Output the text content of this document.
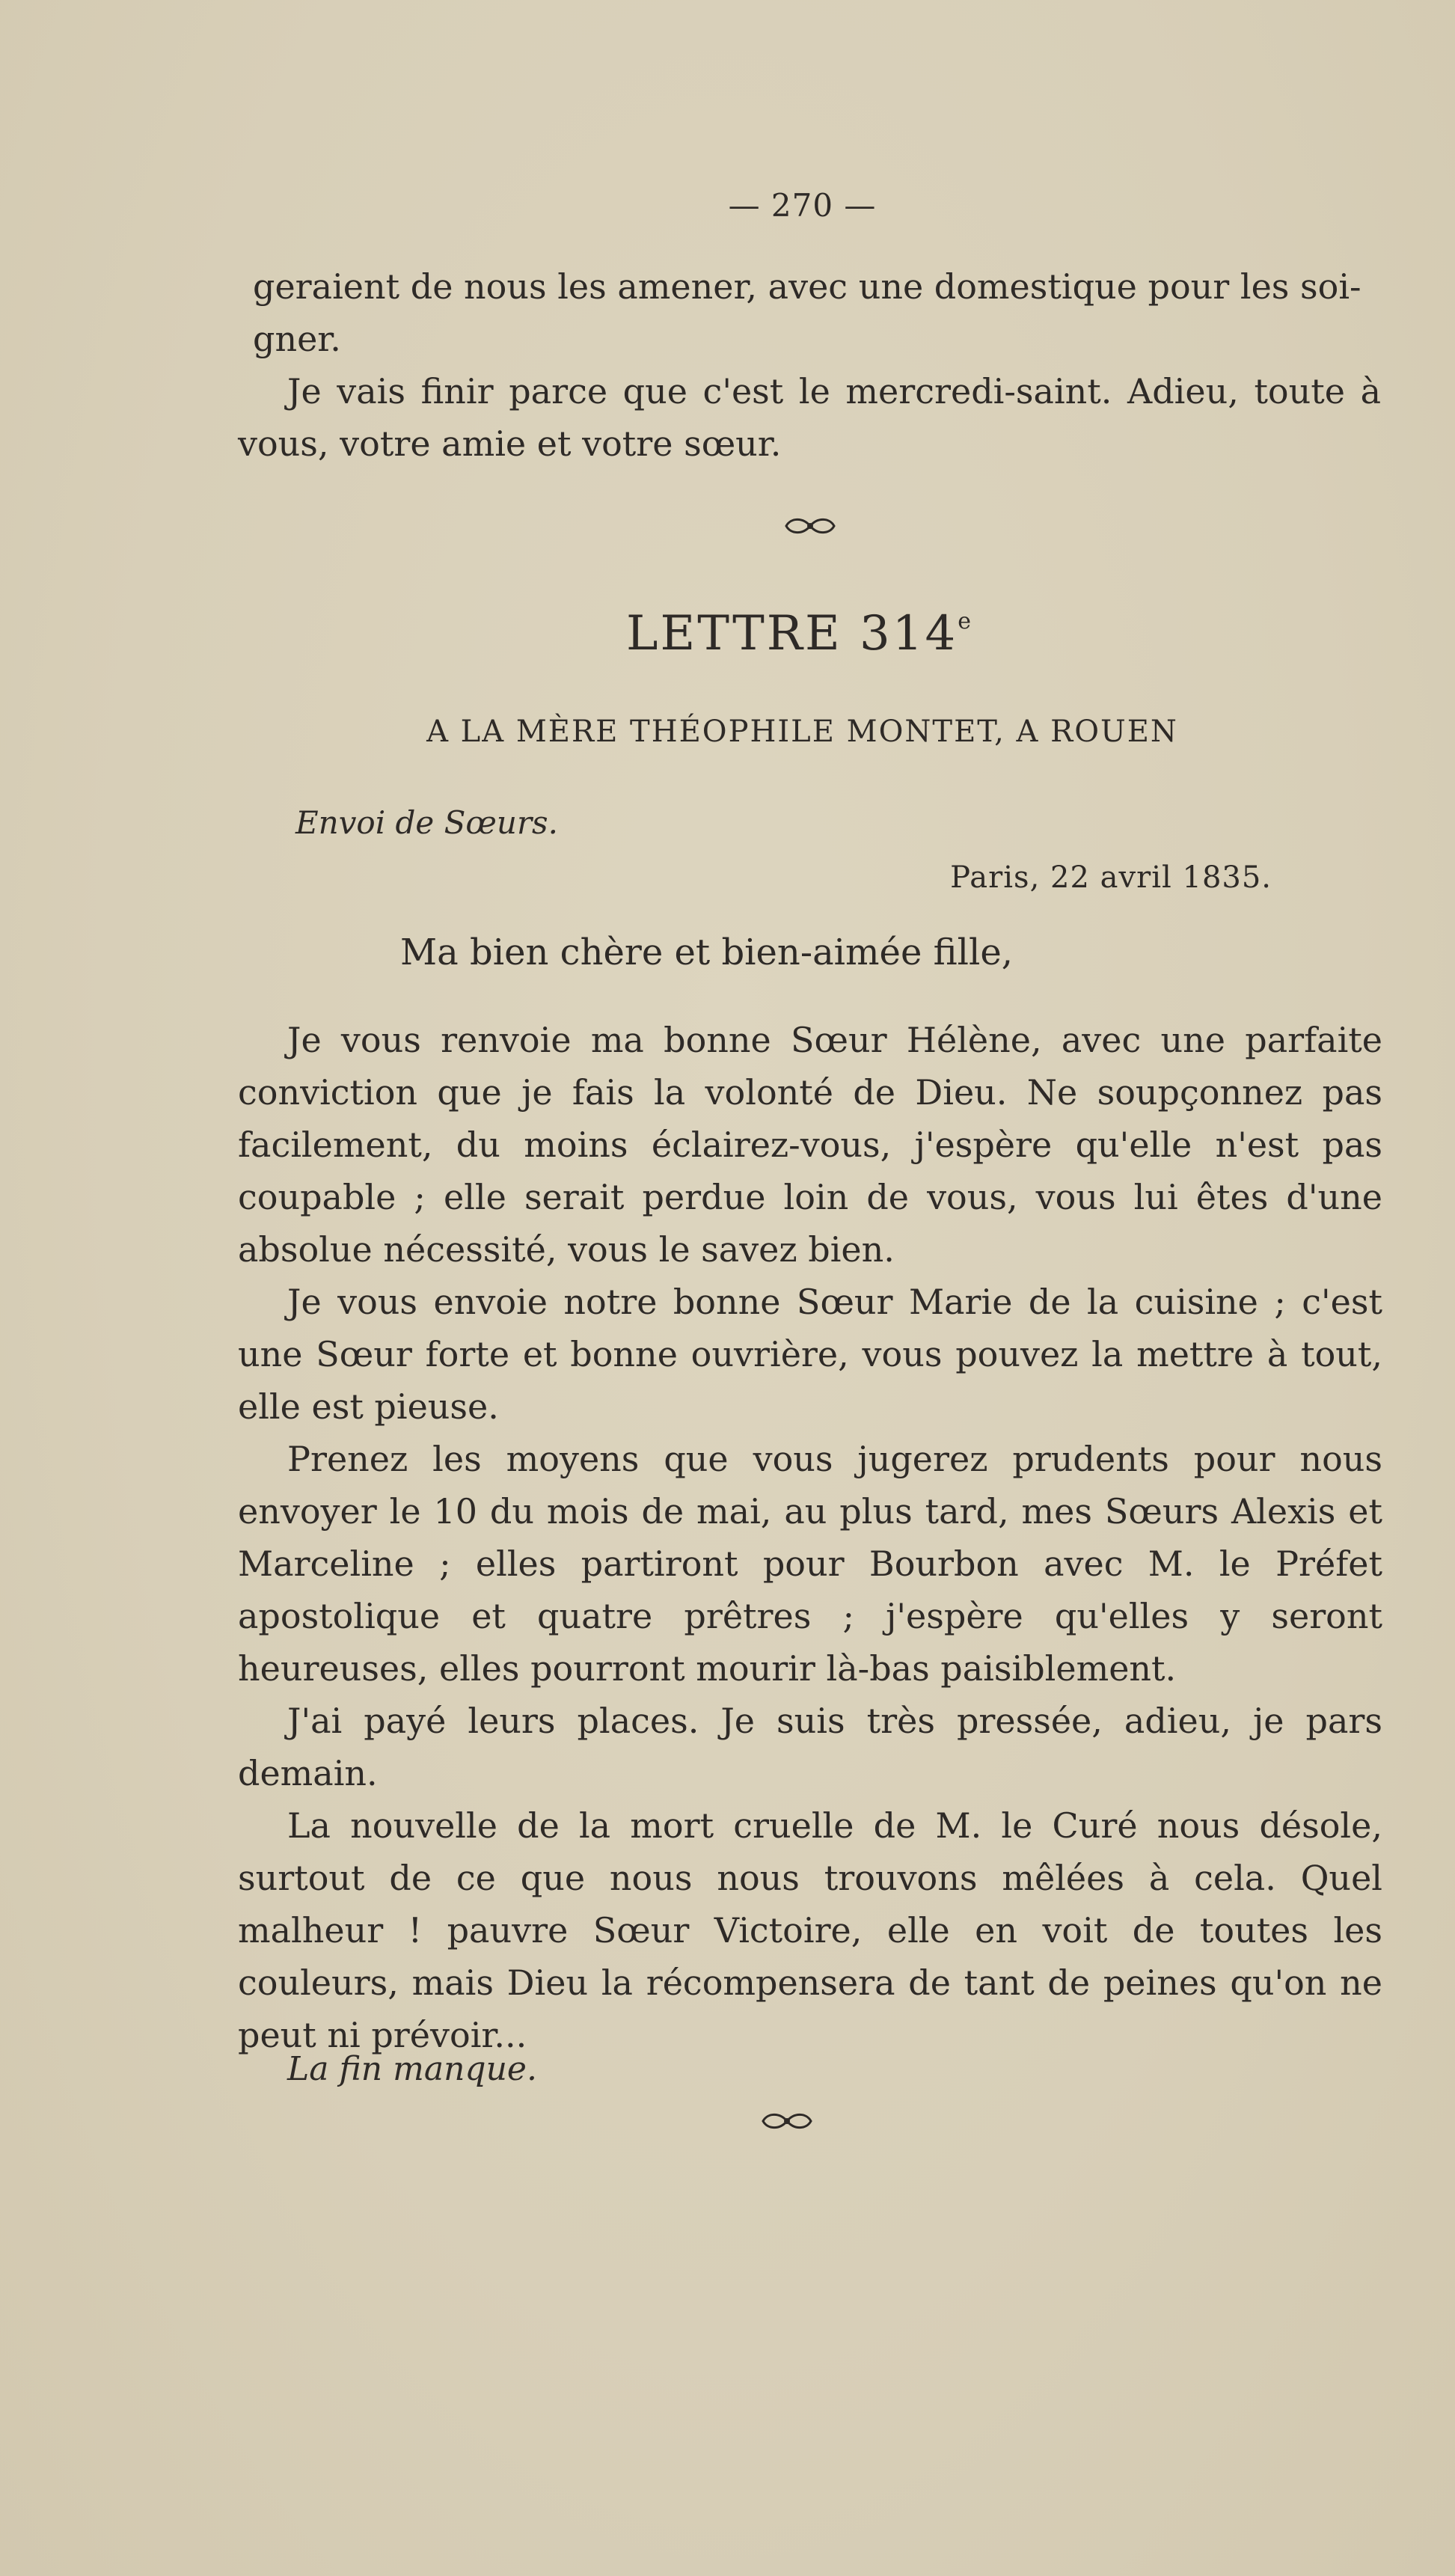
— 270 —

geraient de nous les amener, avec une domestique pour les soi-

gner.

Je vais finir parce que c'est le mercredi-saint. Adieu, toute à vous, votre amie et votre sœur.

LETTRE 314e
A LA MÈRE THÉOPHILE MONTET, A ROUEN
Envoi de Sœurs.
Paris, 22 avril 1835.
Ma bien chère et bien-aimée fille,

Je vous renvoie ma bonne Sœur Hélène, avec une parfaite conviction que je fais la volonté de Dieu. Ne soupçonnez pas facilement, du moins éclairez-vous, j'espère qu'elle n'est pas coupable ; elle serait perdue loin de vous, vous lui êtes d'une absolue nécessité, vous le savez bien.

Je vous envoie notre bonne Sœur Marie de la cuisine ; c'est une Sœur forte et bonne ouvrière, vous pouvez la mettre à tout, elle est pieuse.

Prenez les moyens que vous jugerez prudents pour nous envoyer le 10 du mois de mai, au plus tard, mes Sœurs Alexis et Marceline ; elles partiront pour Bourbon avec M. le Préfet apostolique et quatre prêtres ; j'espère qu'elles y seront heureuses, elles pourront mourir là-bas paisiblement.

J'ai payé leurs places. Je suis très pressée, adieu, je pars demain.

La nouvelle de la mort cruelle de M. le Curé nous désole, surtout de ce que nous nous trouvons mêlées à cela. Quel malheur ! pauvre Sœur Victoire, elle en voit de toutes les couleurs, mais Dieu la récompensera de tant de peines qu'on ne peut ni prévoir...

La fin manque.
